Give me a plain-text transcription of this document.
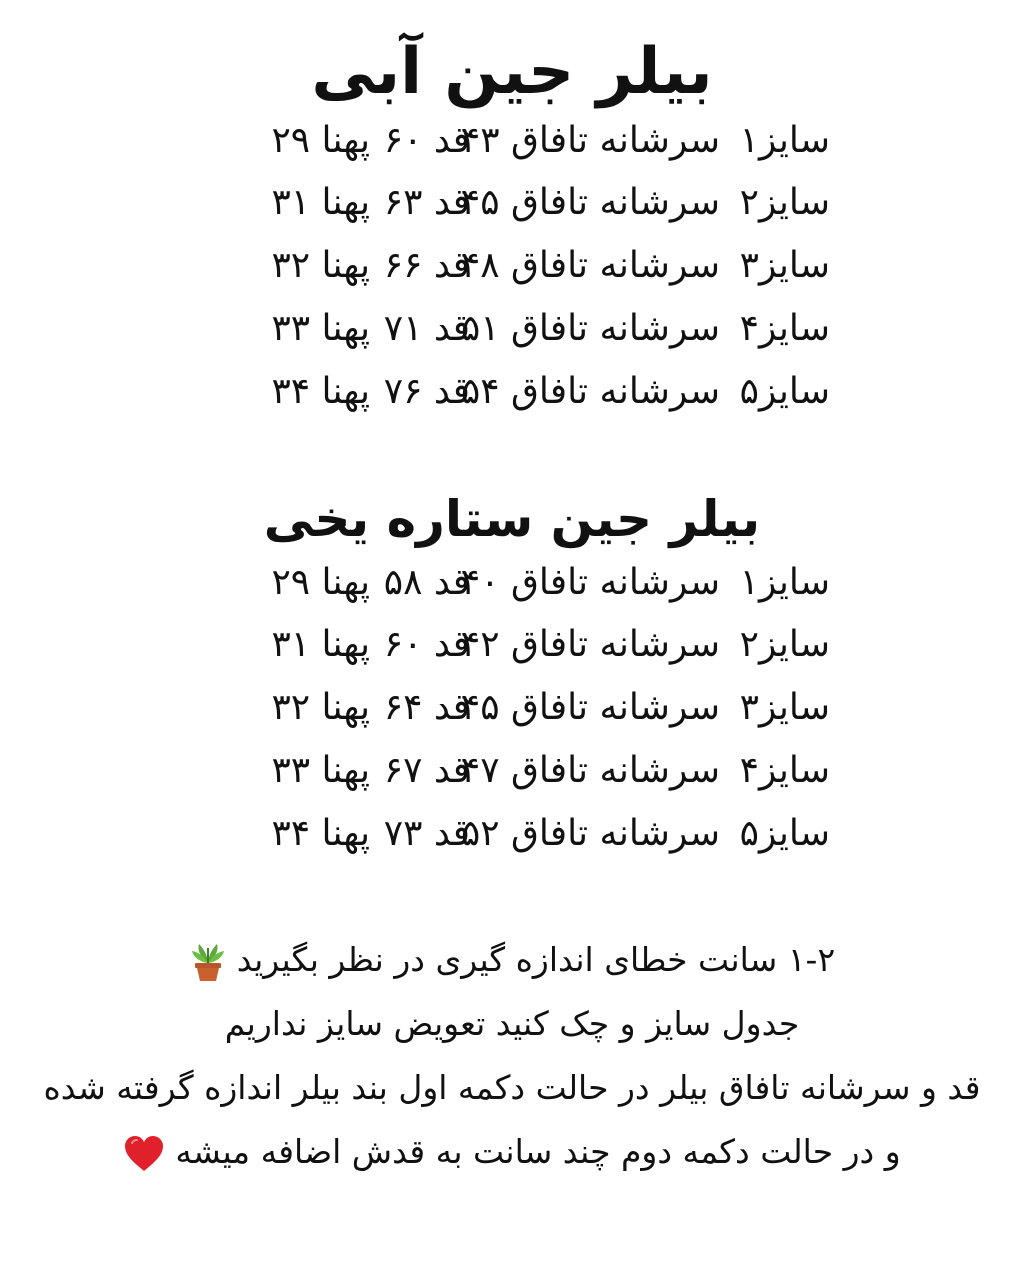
بیلر جین آبی
سایز۱
سرشانه تافاق ۴۳
قد ۶۰
پهنا ۲۹
سایز۲
سرشانه تافاق ۴۵
قد ۶۳
پهنا ۳۱
سایز۳
سرشانه تافاق ۴۸
قد ۶۶
پهنا ۳۲
سایز۴
سرشانه تافاق ۵۱
قد ۷۱
پهنا ۳۳
سایز۵
سرشانه تافاق ۵۴
قد ۷۶
پهنا ۳۴
بیلر جین ستاره یخی
سایز۱
سرشانه تافاق ۴۰
قد ۵۸
پهنا ۲۹
سایز۲
سرشانه تافاق ۴۲
قد ۶۰
پهنا ۳۱
سایز۳
سرشانه تافاق ۴۵
قد ۶۴
پهنا ۳۲
سایز۴
سرشانه تافاق ۴۷
قد ۶۷
پهنا ۳۳
سایز۵
سرشانه تافاق ۵۲
قد ۷۳
پهنا ۳۴
۱-۲ سانت خطای اندازه گیری در نظر بگیرید
جدول سایز و چک کنید تعویض سایز نداریم
قد و سرشانه تافاق بیلر در حالت دکمه اول بند بیلر اندازه گرفته شده
و در حالت دکمه دوم چند سانت به قدش اضافه میشه
